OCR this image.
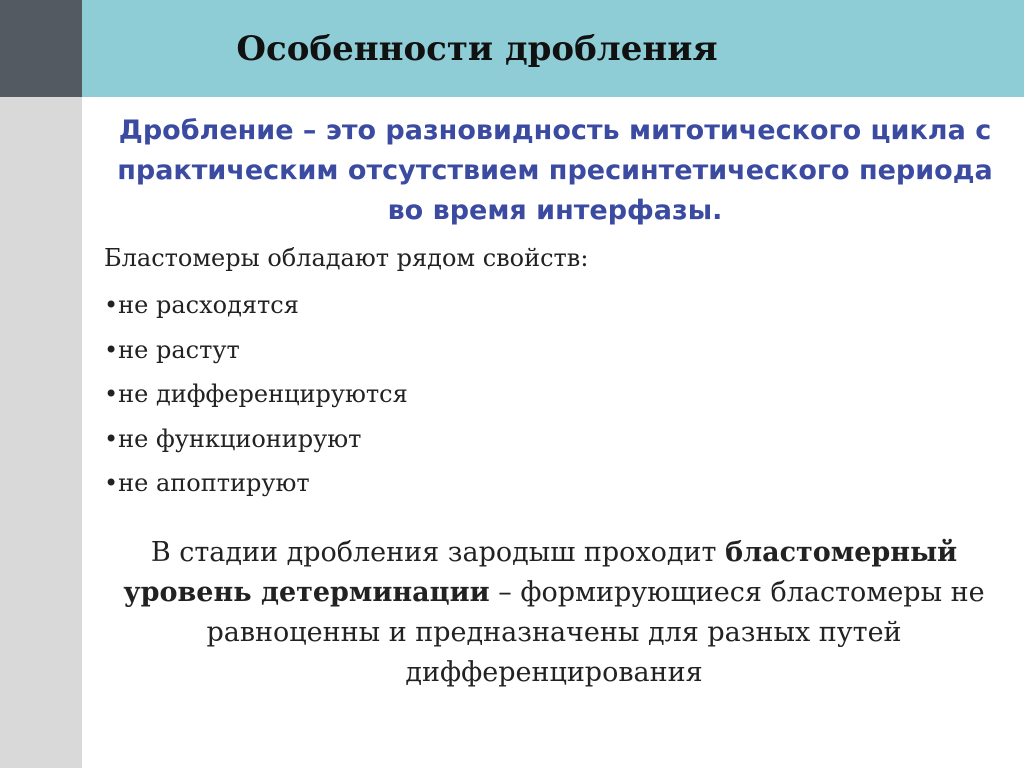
Особенности дробления

Дробление – это разновидность митотического цикла с практическим отсутствием пресинтетического периода во время интерфазы.

Бластомеры обладают рядом свойств:

•не расходятся
•не растут
•не дифференцируются
•не функционируют
•не апоптируют

В стадии дробления зародыш проходит бластомерный уровень детерминации – формирующиеся бластомеры не равноценны и предназначены для разных путей дифференцирования
